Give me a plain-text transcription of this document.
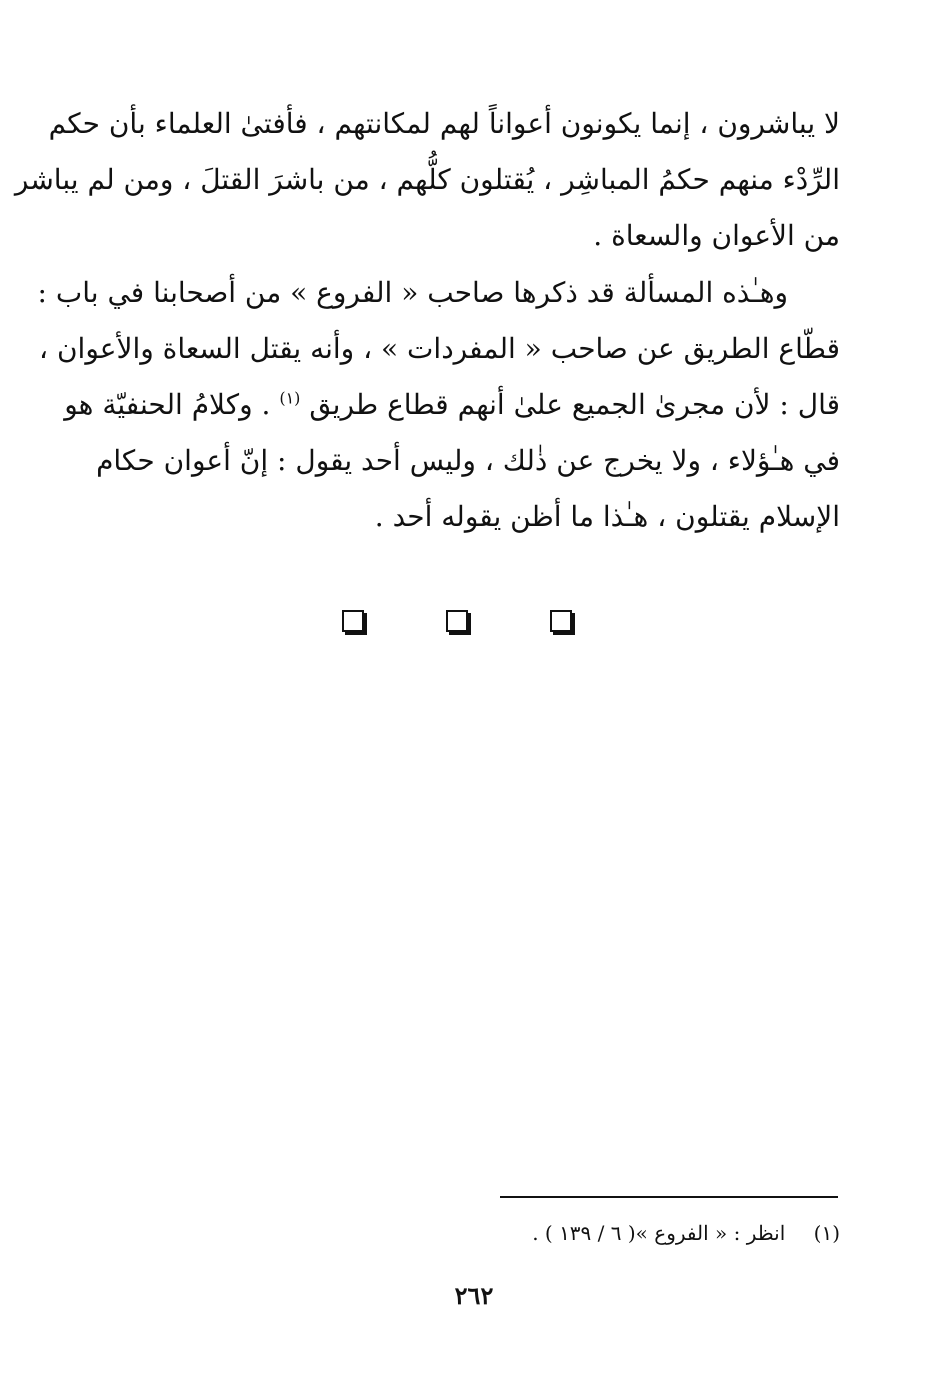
لا يباشرون ، إنما يكونون أعواناً لهم لمكانتهم ، فأفتىٰ العلماء بأن حكم
الرِّدْء منهم حكمُ المباشِر ، يُقتلون كلُّهم ، من باشرَ القتلَ ، ومن لم يباشر
من الأعوان والسعاة .
وهـٰذه المسألة قد ذكرها صاحب « الفروع » من أصحابنا في باب :
قطّاع الطريق عن صاحب « المفردات » ، وأنه يقتل السعاة والأعوان ،
قال : لأن مجرىٰ الجميع علىٰ أنهم قطاع طريق $^{(١)}$ . وكلامُ الحنفيّة هو
في هـٰؤلاء ، ولا يخرج عن ذٰلك ، وليس أحد يقول : إنّ أعوان حكام
الإسلام يقتلون ، هـٰذا ما أظن يقوله أحد .
(١) انظر : « الفروع »( ٦ / ١٣٩ ) .
٢٦٢
